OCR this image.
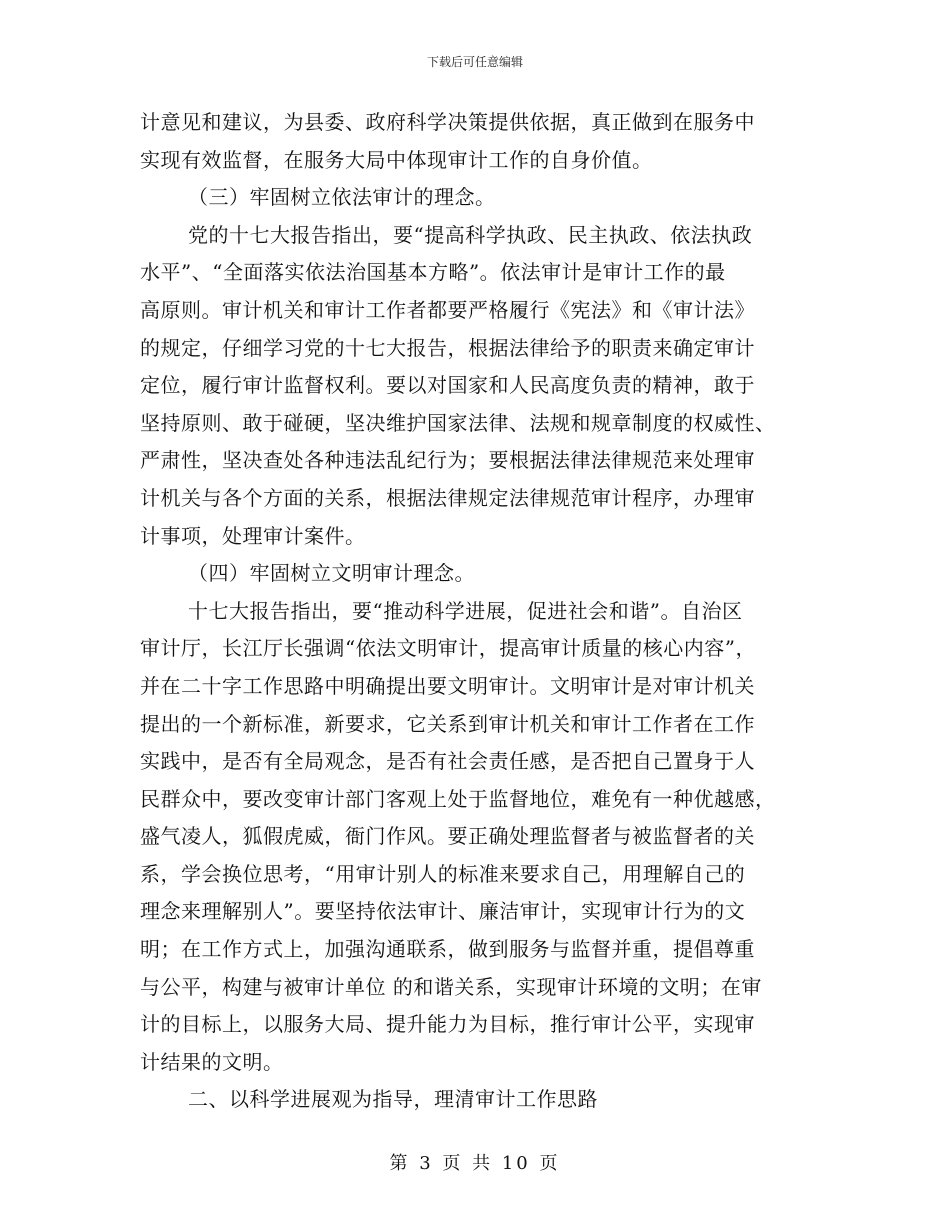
下载后可任意编辑
计意见和建议，为县委、政府科学决策提供依据，真正做到在服务中
实现有效监督，在服务大局中体现审计工作的自身价值。
（三）牢固树立依法审计的理念。
党的十七大报告指出，要“提高科学执政、民主执政、依法执政
水平”、“全面落实依法治国基本方略”。依法审计是审计工作的最
高原则。审计机关和审计工作者都要严格履行《宪法》和《审计法》
的规定，仔细学习党的十七大报告，根据法律给予的职责来确定审计
定位，履行审计监督权利。要以对国家和人民高度负责的精神，敢于
坚持原则、敢于碰硬，坚决维护国家法律、法规和规章制度的权威性、
严肃性，坚决查处各种违法乱纪行为；要根据法律法律规范来处理审
计机关与各个方面的关系，根据法律规定法律规范审计程序，办理审
计事项，处理审计案件。
（四）牢固树立文明审计理念。
十七大报告指出，要“推动科学进展，促进社会和谐”。自治区
审计厅，长江厅长强调“依法文明审计，提高审计质量的核心内容”，
并在二十字工作思路中明确提出要文明审计。文明审计是对审计机关
提出的一个新标准，新要求，它关系到审计机关和审计工作者在工作
实践中，是否有全局观念，是否有社会责任感，是否把自己置身于人
民群众中，要改变审计部门客观上处于监督地位，难免有一种优越感，
盛气凌人，狐假虎威，衙门作风。要正确处理监督者与被监督者的关
系，学会换位思考，“用审计别人的标准来要求自己，用理解自己的
理念来理解别人”。要坚持依法审计、廉洁审计，实现审计行为的文
明；在工作方式上，加强沟通联系，做到服务与监督并重，提倡尊重
与公平，构建与被审计单位 的和谐关系，实现审计环境的文明；在审
计的目标上，以服务大局、提升能力为目标，推行审计公平，实现审
计结果的文明。
二、以科学进展观为指导，理清审计工作思路
第 3 页 共 10 页
